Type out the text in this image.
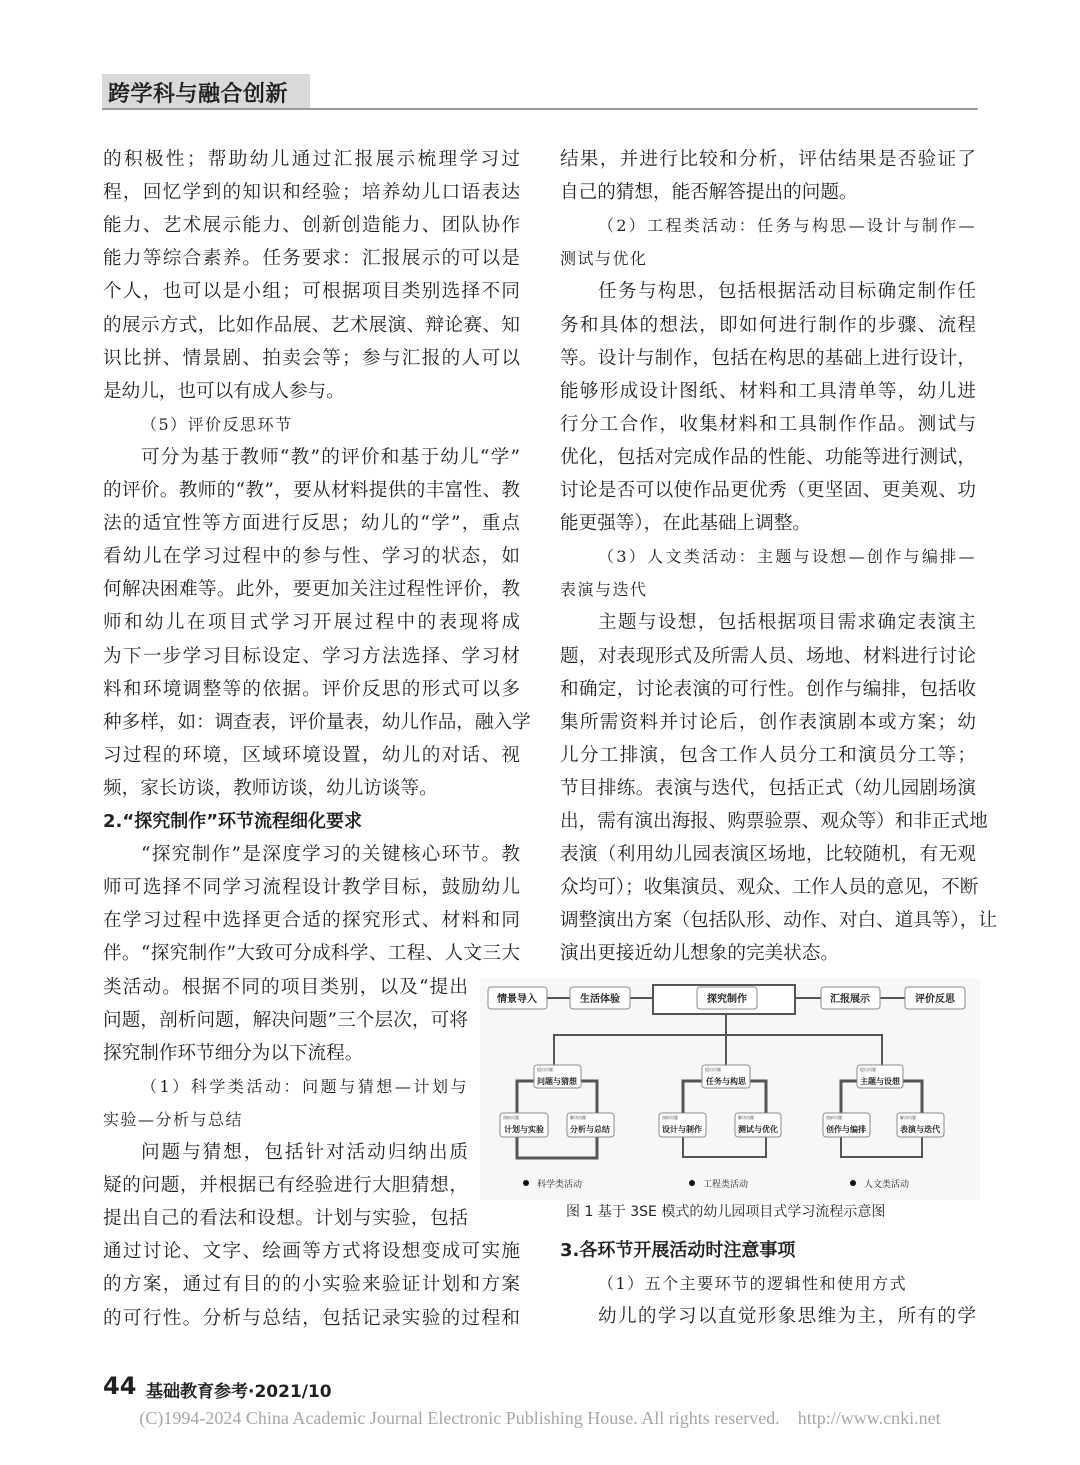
跨学科与融合创新
情景导入	生活体验	探究制作	汇报展示	评价反思
问题与猜想
计划与实验	分析与总结
任务与构思
设计与制作	测试与优化
主题与设想
创作与编排	表演与迭代
提出问题
剖析问题	解决问题
提出问题
剖析问题	解决问题
提出问题
剖析问题	解决问题
科学类活动	工程类活动	人文类活动
图 1 基于 3SE 模式的幼儿园项目式学习流程示意图
44 基础教育参考·2021/10
(C)1994-2024 China Academic Journal Electronic Publishing House. All rights reserved.    http://www.cnki.net
的积极性；帮助幼儿通过汇报展示梳理学习过
程，回忆学到的知识和经验；培养幼儿口语表达
能力、艺术展示能力、创新创造能力、团队协作
能力等综合素养。任务要求：汇报展示的可以是
个人，也可以是小组；可根据项目类别选择不同
的展示方式，比如作品展、艺术展演、辩论赛、知
识比拼、情景剧、拍卖会等；参与汇报的人可以
是幼儿，也可以有成人参与。
（5）评价反思环节
可分为基于教师“教”的评价和基于幼儿“学”
的评价。教师的“教”，要从材料提供的丰富性、教
法的适宜性等方面进行反思；幼儿的“学”，重点
看幼儿在学习过程中的参与性、学习的状态，如
何解决困难等。此外，要更加关注过程性评价，教
师和幼儿在项目式学习开展过程中的表现将成
为下一步学习目标设定、学习方法选择、学习材
料和环境调整等的依据。评价反思的形式可以多
种多样，如：调查表，评价量表，幼儿作品，融入学
习过程的环境，区域环境设置，幼儿的对话、视
频，家长访谈，教师访谈，幼儿访谈等。
2.“探究制作”环节流程细化要求
“探究制作”是深度学习的关键核心环节。教
师可选择不同学习流程设计教学目标，鼓励幼儿
在学习过程中选择更合适的探究形式、材料和同
伴。“探究制作”大致可分成科学、工程、人文三大
类活动。根据不同的项目类别，以及“提出
问题，剖析问题，解决问题”三个层次，可将
探究制作环节细分为以下流程。
（1）科学类活动：问题与猜想—计划与
实验—分析与总结
问题与猜想，包括针对活动归纳出质
疑的问题，并根据已有经验进行大胆猜想，
提出自己的看法和设想。计划与实验，包括
通过讨论、文字、绘画等方式将设想变成可实施
的方案，通过有目的的小实验来验证计划和方案
的可行性。分析与总结，包括记录实验的过程和
结果，并进行比较和分析，评估结果是否验证了
自己的猜想，能否解答提出的问题。
（2）工程类活动：任务与构思—设计与制作—
测试与优化
任务与构思，包括根据活动目标确定制作任
务和具体的想法，即如何进行制作的步骤、流程
等。设计与制作，包括在构思的基础上进行设计，
能够形成设计图纸、材料和工具清单等，幼儿进
行分工合作，收集材料和工具制作作品。测试与
优化，包括对完成作品的性能、功能等进行测试，
讨论是否可以使作品更优秀（更坚固、更美观、功
能更强等），在此基础上调整。
（3）人文类活动：主题与设想—创作与编排—
表演与迭代
主题与设想，包括根据项目需求确定表演主
题，对表现形式及所需人员、场地、材料进行讨论
和确定，讨论表演的可行性。创作与编排，包括收
集所需资料并讨论后，创作表演剧本或方案；幼
儿分工排演，包含工作人员分工和演员分工等；
节目排练。表演与迭代，包括正式（幼儿园剧场演
出，需有演出海报、购票验票、观众等）和非正式地
表演（利用幼儿园表演区场地，比较随机，有无观
众均可）；收集演员、观众、工作人员的意见，不断
调整演出方案（包括队形、动作、对白、道具等），让
演出更接近幼儿想象的完美状态。
3.各环节开展活动时注意事项
（1）五个主要环节的逻辑性和使用方式
幼儿的学习以直觉形象思维为主，所有的学
